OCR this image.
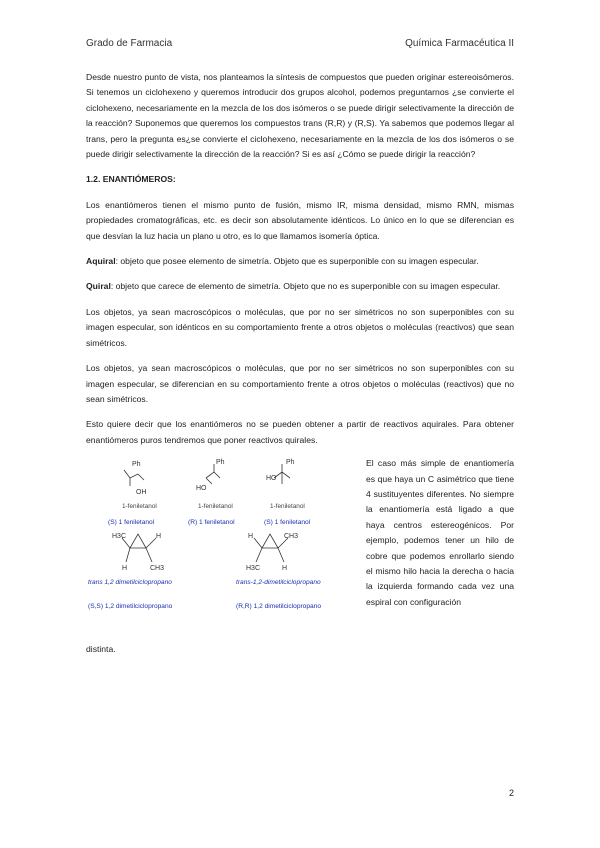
Grado de Farmacia	Química Farmacéutica II

Desde nuestro punto de vista, nos planteamos la síntesis de compuestos que pueden originar estereoisómeros. Si tenemos un ciclohexeno y queremos introducir dos grupos alcohol, podemos preguntarnos ¿se convierte el ciclohexeno, necesariamente en la mezcla de los dos isómeros o se puede dirigir selectivamente la dirección de la reacción? Suponemos que queremos los compuestos trans (R,R) y (R,S). Ya sabemos que podemos llegar al trans, pero la pregunta es¿se convierte el ciclohexeno, necesariamente en la mezcla de los dos isómeros o se puede dirigir selectivamente la dirección de la reacción? Si es así ¿Cómo se puede dirigir la reacción?

1.2. ENANTIÓMEROS:

Los enantiómeros tienen el mismo punto de fusión, mismo IR, misma densidad, mismo RMN, mismas propiedades cromatográficas, etc. es decir son absolutamente idénticos. Lo único en lo que se diferencian es que desvían la luz hacia un plano u otro, es lo que llamamos isomería óptica.

Aquiral: objeto que posee elemento de simetría. Objeto que es superponible con su imagen especular.

Quiral: objeto que carece de elemento de simetría. Objeto que no es superponible con su imagen especular.

Los objetos, ya sean macroscópicos o moléculas, que por no ser simétricos no son superponibles con su imagen especular, son idénticos en su comportamiento frente a otros objetos o moléculas (reactivos) que sean simétricos.

Los objetos, ya sean macroscópicos o moléculas, que por no ser simétricos no son superponibles con su imagen especular, se diferencian en su comportamiento frente a otros objetos o moléculas (reactivos) que no sean simétricos.

Esto quiere decir que los enantiómeros no se pueden obtener a partir de reactivos aquirales. Para obtener enantiómeros puros tendremos que poner reactivos quirales.

Ph
OH
Ph
HO
Ph
HO
H3C	H
H	CH3
H	CH3
H3C	H
1-feniletanol	1-feniletanol	1-feniletanol
(S) 1 feniletanol	(R) 1 feniletanol	(S) 1 feniletanol
trans 1,2 dimetilciclopropano	trans-1,2-dimetilciclopropano
(S,S) 1,2 dimetilciclopropano	(R,R) 1,2 dimetilciclopropano
El caso más simple de enantiomería es que haya un C asimétrico que tiene 4 sustituyentes diferentes. No siempre la enantiomería está ligado a que haya centros estereogénicos. Por ejemplo, podemos tener un hilo de cobre que podemos enrollarlo siendo el mismo hilo hacia la derecha o hacia la izquierda formando cada vez una espiral con configuración
distinta.
2
